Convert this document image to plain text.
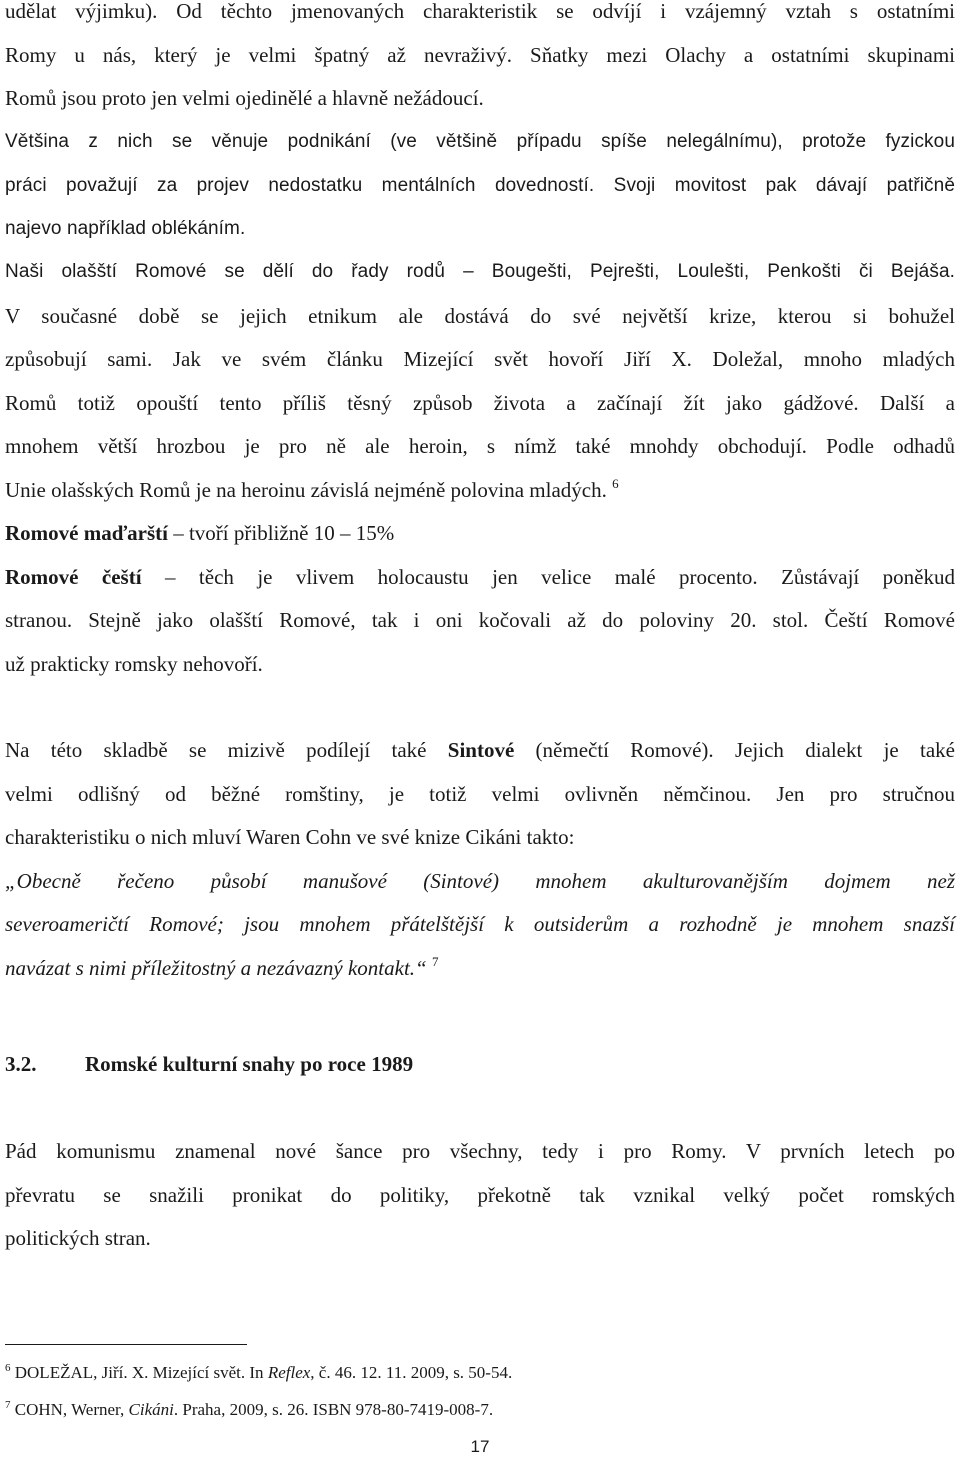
udělat výjimku). Od těchto jmenovaných charakteristik se odvíjí i vzájemný vztah s ostatními
Romy u nás, který je velmi špatný až nevraživý. Sňatky mezi Olachy a ostatními skupinami
Romů jsou proto jen velmi ojedinělé a hlavně nežádoucí.
Většina z nich se věnuje podnikání (ve většině případu spíše nelegálnímu), protože fyzickou
práci považují za projev nedostatku mentálních dovedností. Svoji movitost pak dávají patřičně
najevo například oblékáním.
Naši olašští Romové se dělí do řady rodů – Bougešti, Pejrešti, Loulešti, Penkošti či Bejáša.
V současné době se jejich etnikum ale dostává do své největší krize, kterou si bohužel
způsobují sami. Jak ve svém článku Mizející svět hovoří Jiří X. Doležal, mnoho mladých
Romů totiž opouští tento příliš těsný způsob života a začínají žít jako gádžové. Další a
mnohem větší hrozbou je pro ně ale heroin, s nímž také mnohdy obchodují. Podle odhadů
Unie olašských Romů je na heroinu závislá nejméně polovina mladých. $^6$
Romové maďarští – tvoří přibližně 10 – 15%
Romové čeští – těch je vlivem holocaustu jen velice malé procento. Zůstávají poněkud
stranou. Stejně jako olašští Romové, tak i oni kočovali až do poloviny 20. stol. Čeští Romové
už prakticky romsky nehovoří.
Na této skladbě se mizivě podílejí také Sintové (němečtí Romové). Jejich dialekt je také
velmi odlišný od běžné romštiny, je totiž velmi ovlivněn němčinou. Jen pro stručnou
charakteristiku o nich mluví Waren Cohn ve své knize Cikáni takto:
„Obecně řečeno působí manušové (Sintové) mnohem akulturovanějším dojmem než
severoameričtí Romové; jsou mnohem přátelštější k outsiderům a rozhodně je mnohem snazší
navázat s nimi příležitostný a nezávazný kontakt.“ $^7$
3.2. Romské kulturní snahy po roce 1989
Pád komunismu znamenal nové šance pro všechny, tedy i pro Romy. V prvních letech po
převratu se snažili pronikat do politiky, překotně tak vznikal velký počet romských
politických stran.
$^6$ DOLEŽAL, Jiří. X. Mizející svět. In Reflex, č. 46. 12. 11. 2009, s. 50-54.
$^7$ COHN, Werner, Cikáni. Praha, 2009, s. 26. ISBN 978-80-7419-008-7.
17
